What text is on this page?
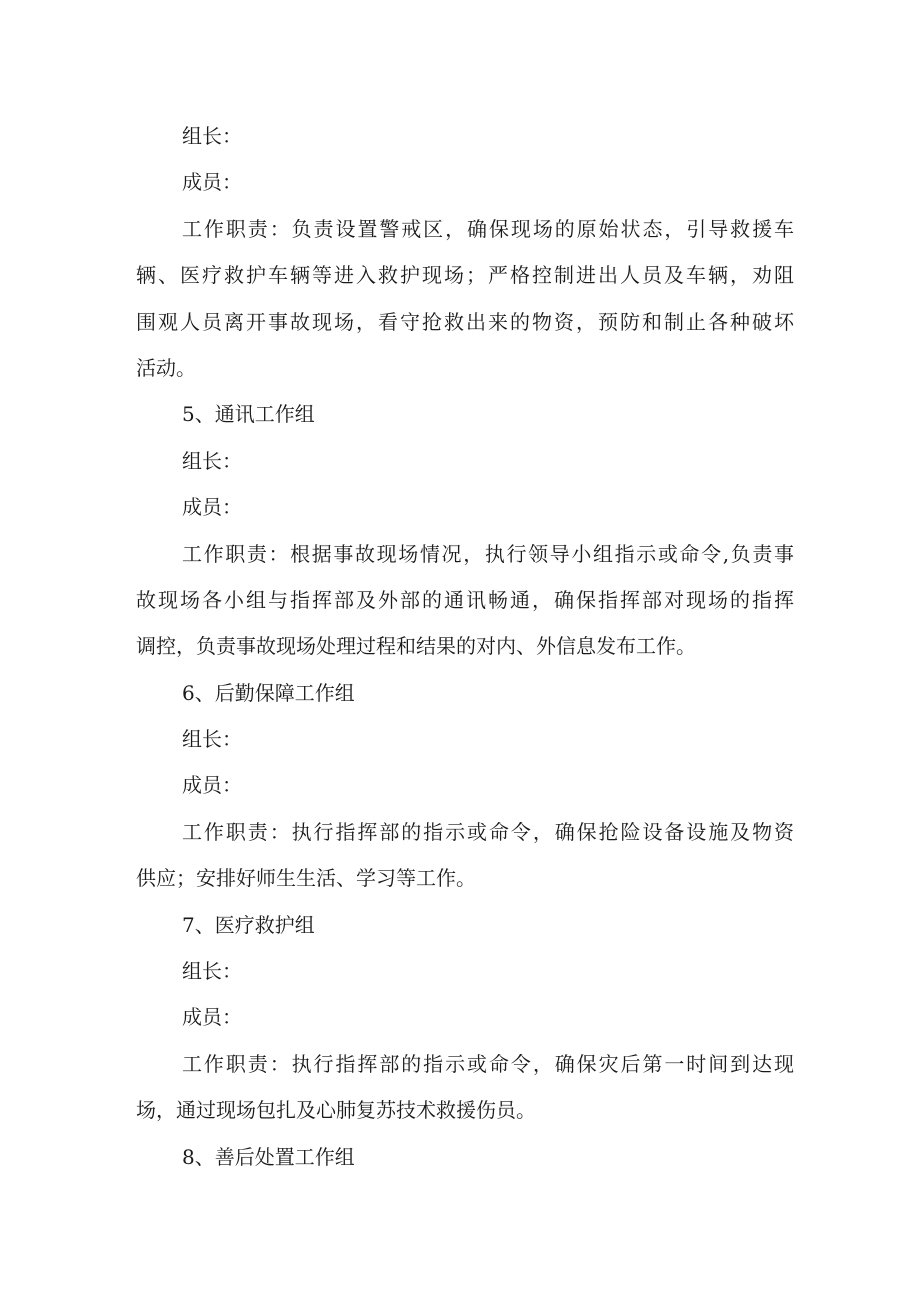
组长：
成员：
工作职责：负责设置警戒区，确保现场的原始状态，引导救援车
辆、医疗救护车辆等进入救护现场；严格控制进出人员及车辆，劝阻
围观人员离开事故现场，看守抢救出来的物资，预防和制止各种破坏
活动。
5、通讯工作组
组长：
成员：
工作职责：根据事故现场情况，执行领导小组指示或命令,负责事
故现场各小组与指挥部及外部的通讯畅通，确保指挥部对现场的指挥
调控，负责事故现场处理过程和结果的对内、外信息发布工作。
6、后勤保障工作组
组长：
成员：
工作职责：执行指挥部的指示或命令，确保抢险设备设施及物资
供应；安排好师生生活、学习等工作。
7、医疗救护组
组长：
成员：
工作职责：执行指挥部的指示或命令，确保灾后第一时间到达现
场，通过现场包扎及心肺复苏技术救援伤员。
8、善后处置工作组
